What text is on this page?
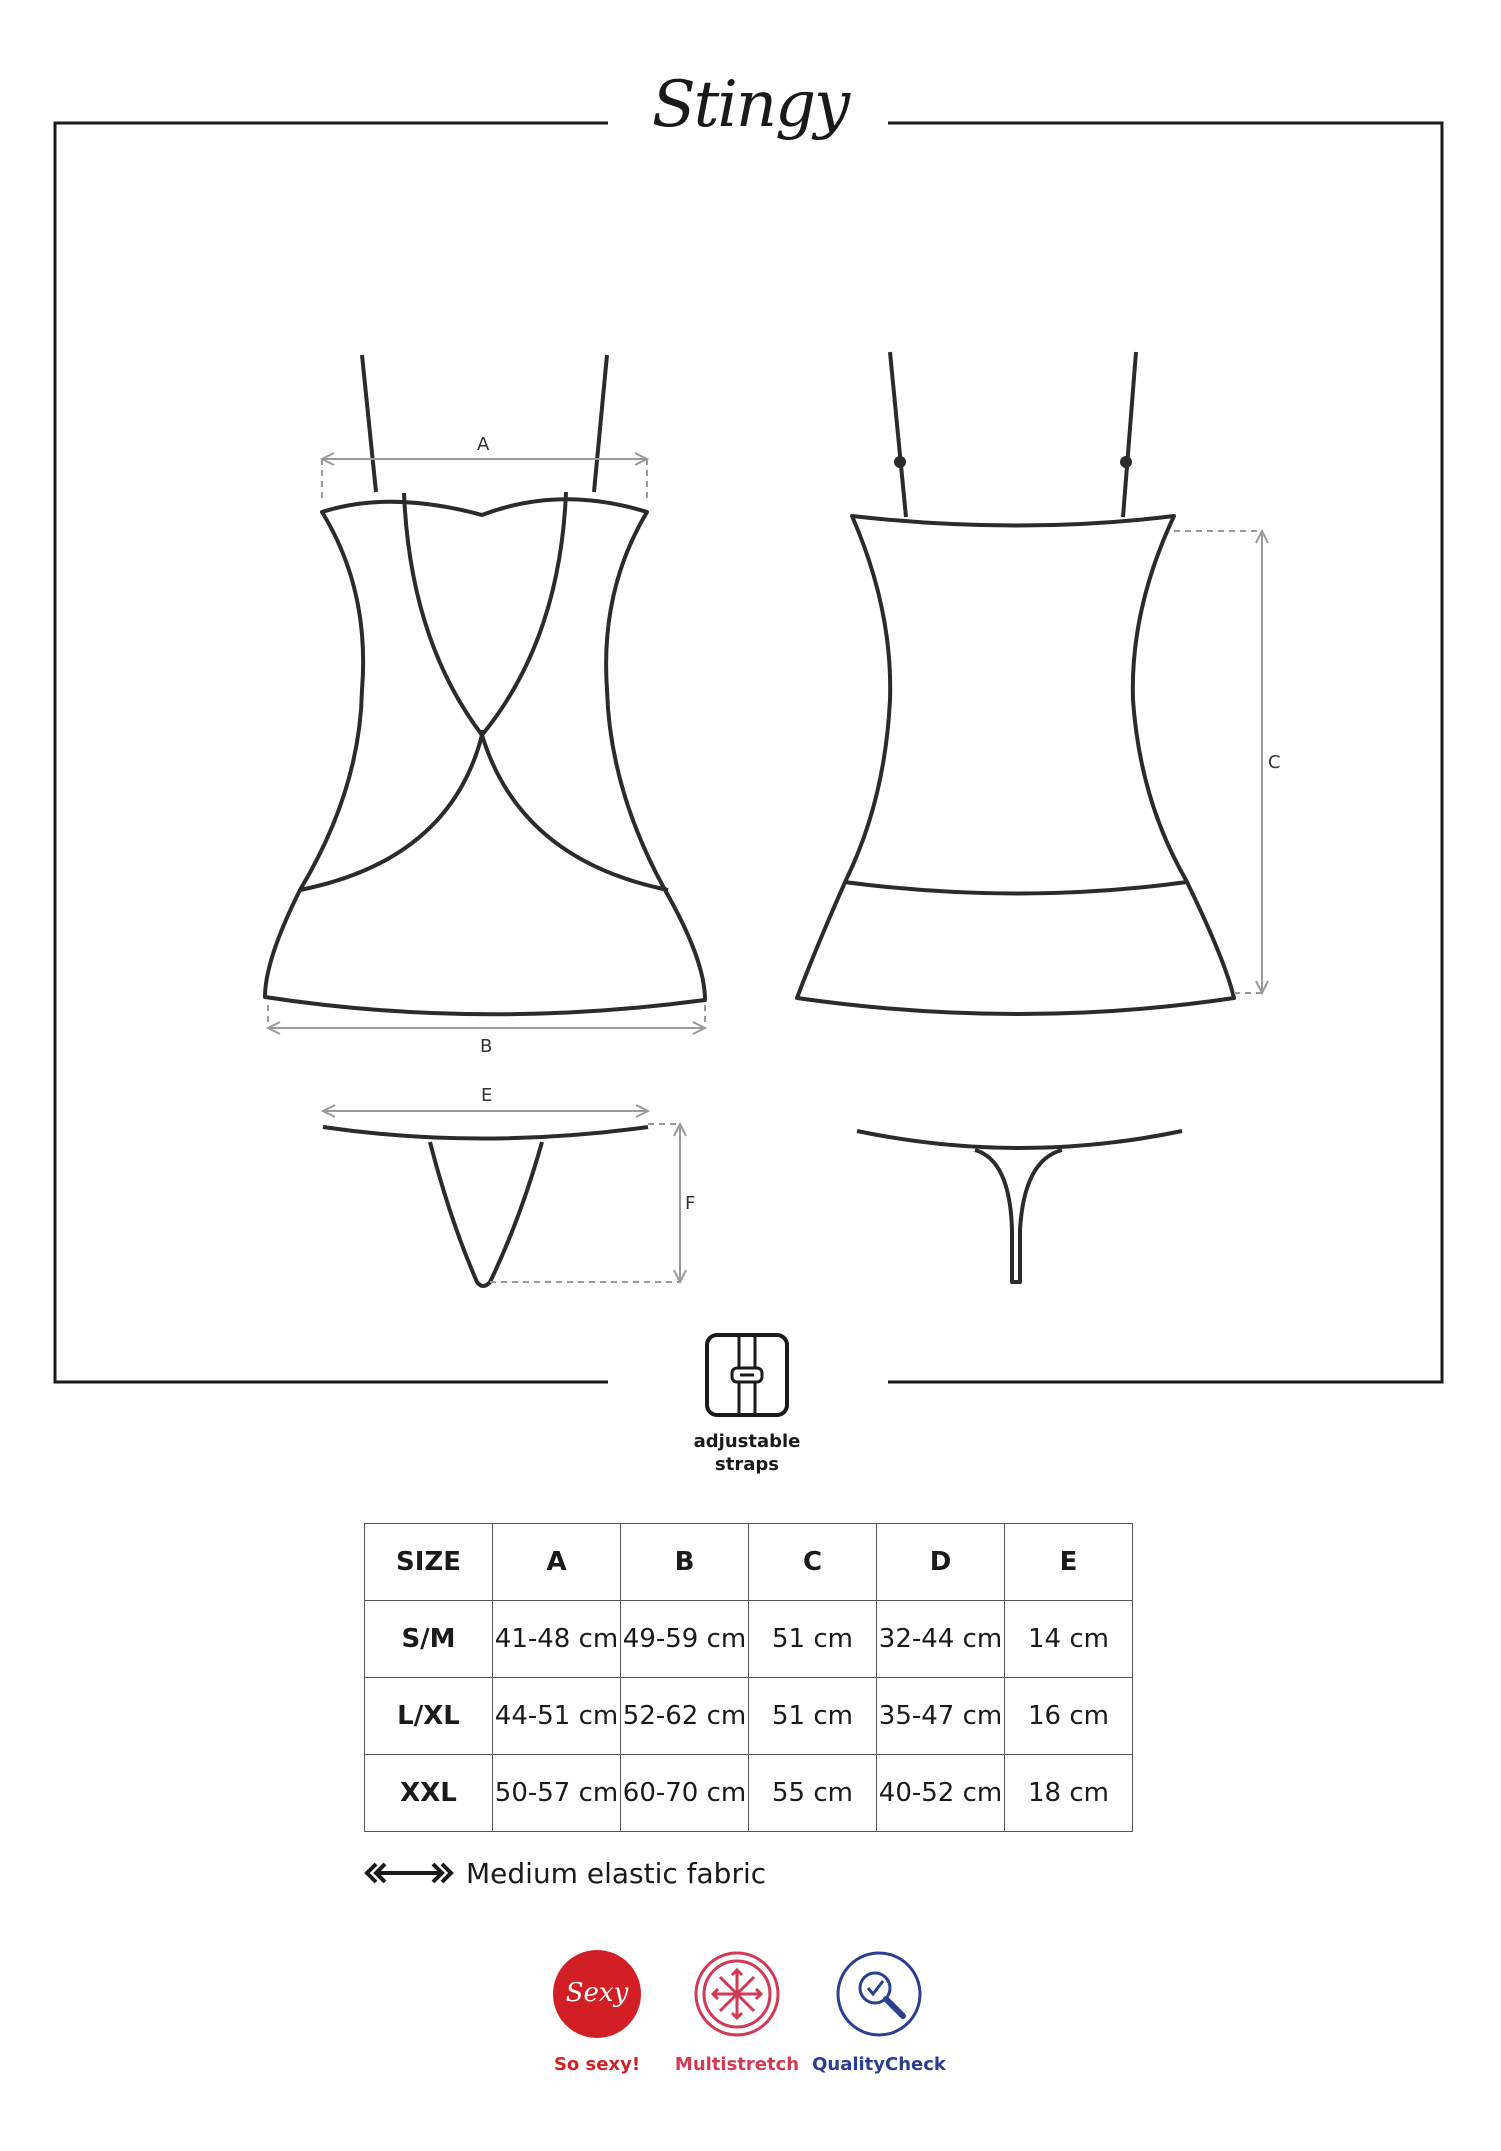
Stingy
A
B
C
E
F
adjustable
straps
SIZE	A	B	C	D	E
S/M	41-48 cm	49-59 cm	51 cm	32-44 cm	14 cm
L/XL	44-51 cm	52-62 cm	51 cm	35-47 cm	16 cm
XXL	50-57 cm	60-70 cm	55 cm	40-52 cm	18 cm
Medium elastic fabric
Sexy
So sexy!	Multistretch QualityCheck
